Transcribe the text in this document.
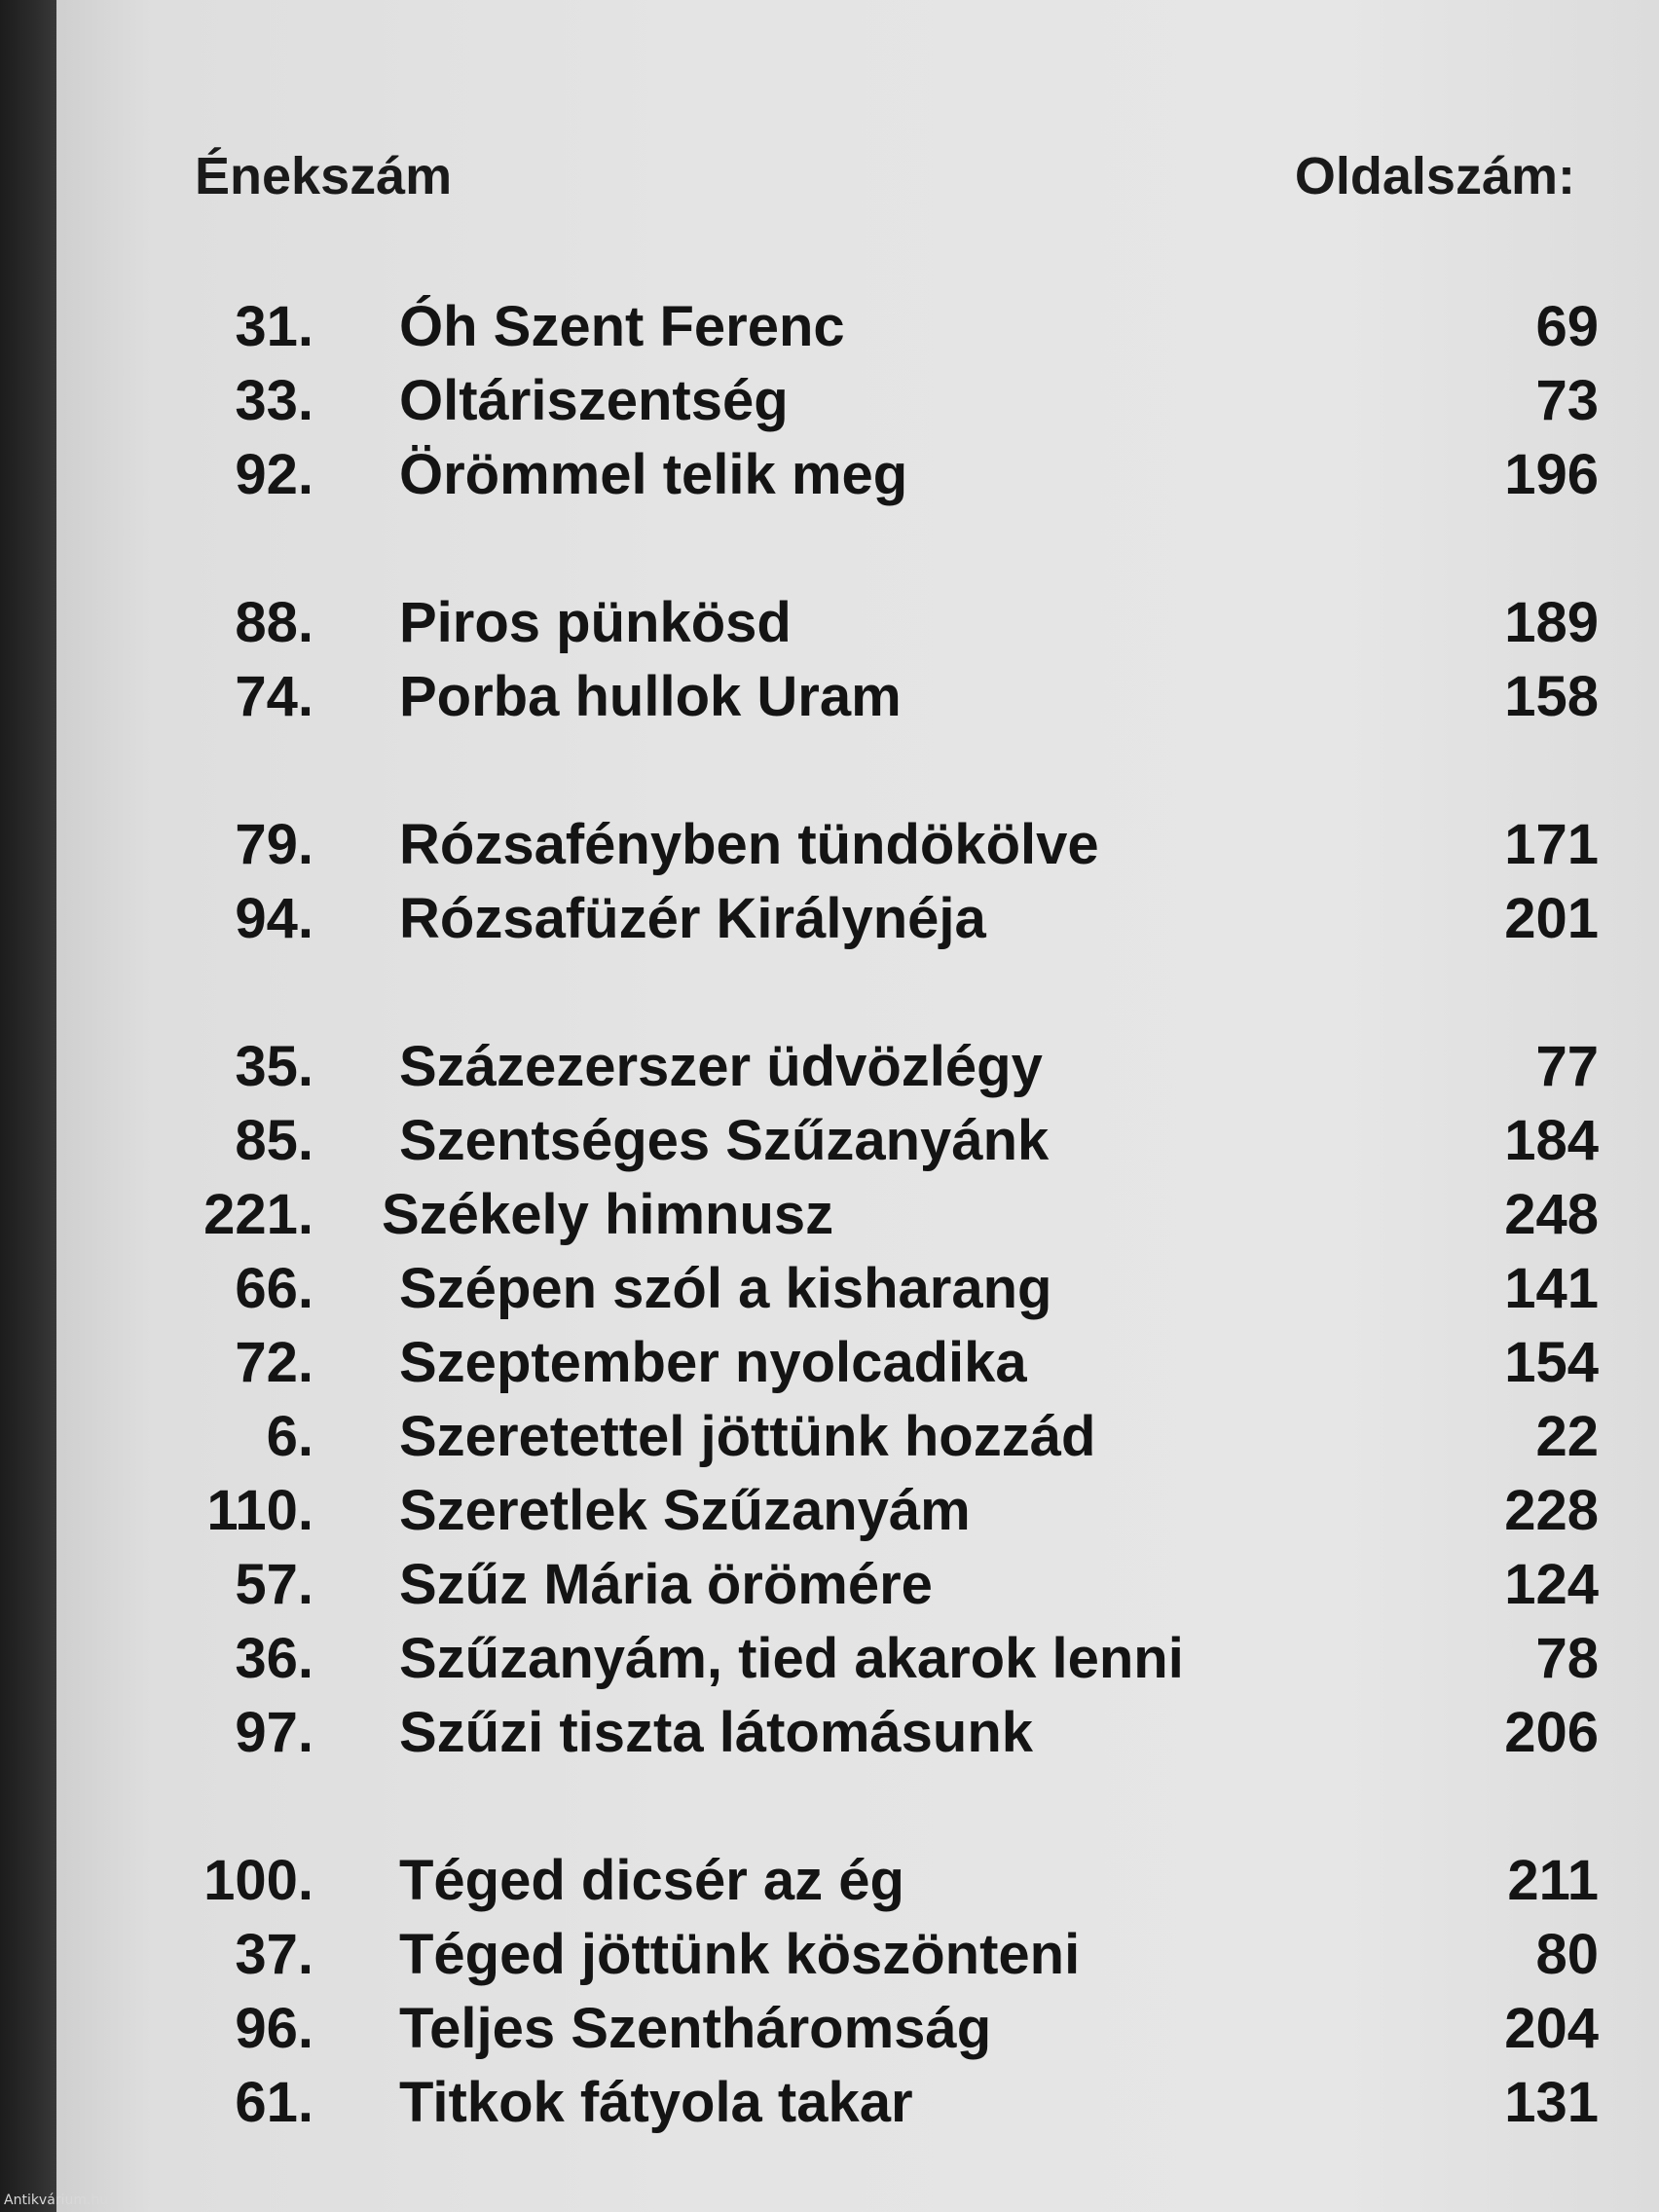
Énekszám	Oldalszám:
31. Óh Szent Ferenc	69
33. Oltáriszentség	73
92. Örömmel telik meg	196
88. Piros pünkösd	189
74. Porba hullok Uram	158
79. Rózsafényben tündökölve	171
94. Rózsafüzér Királynéja	201
35. Százezerszer üdvözlégy	77
85. Szentséges Szűzanyánk	184
221. Székely himnusz	248
66. Szépen szól a kisharang	141
72. Szeptember nyolcadika	154
6. Szeretettel jöttünk hozzád	22
110. Szeretlek Szűzanyám	228
57. Szűz Mária örömére	124
36. Szűzanyám, tied akarok lenni	78
97. Szűzi tiszta látomásunk	206
100. Téged dicsér az ég	211
37. Téged jöttünk köszönteni	80
96. Teljes Szentháromság	204
61. Titkok fátyola takar	131
Antikvárium.hu
